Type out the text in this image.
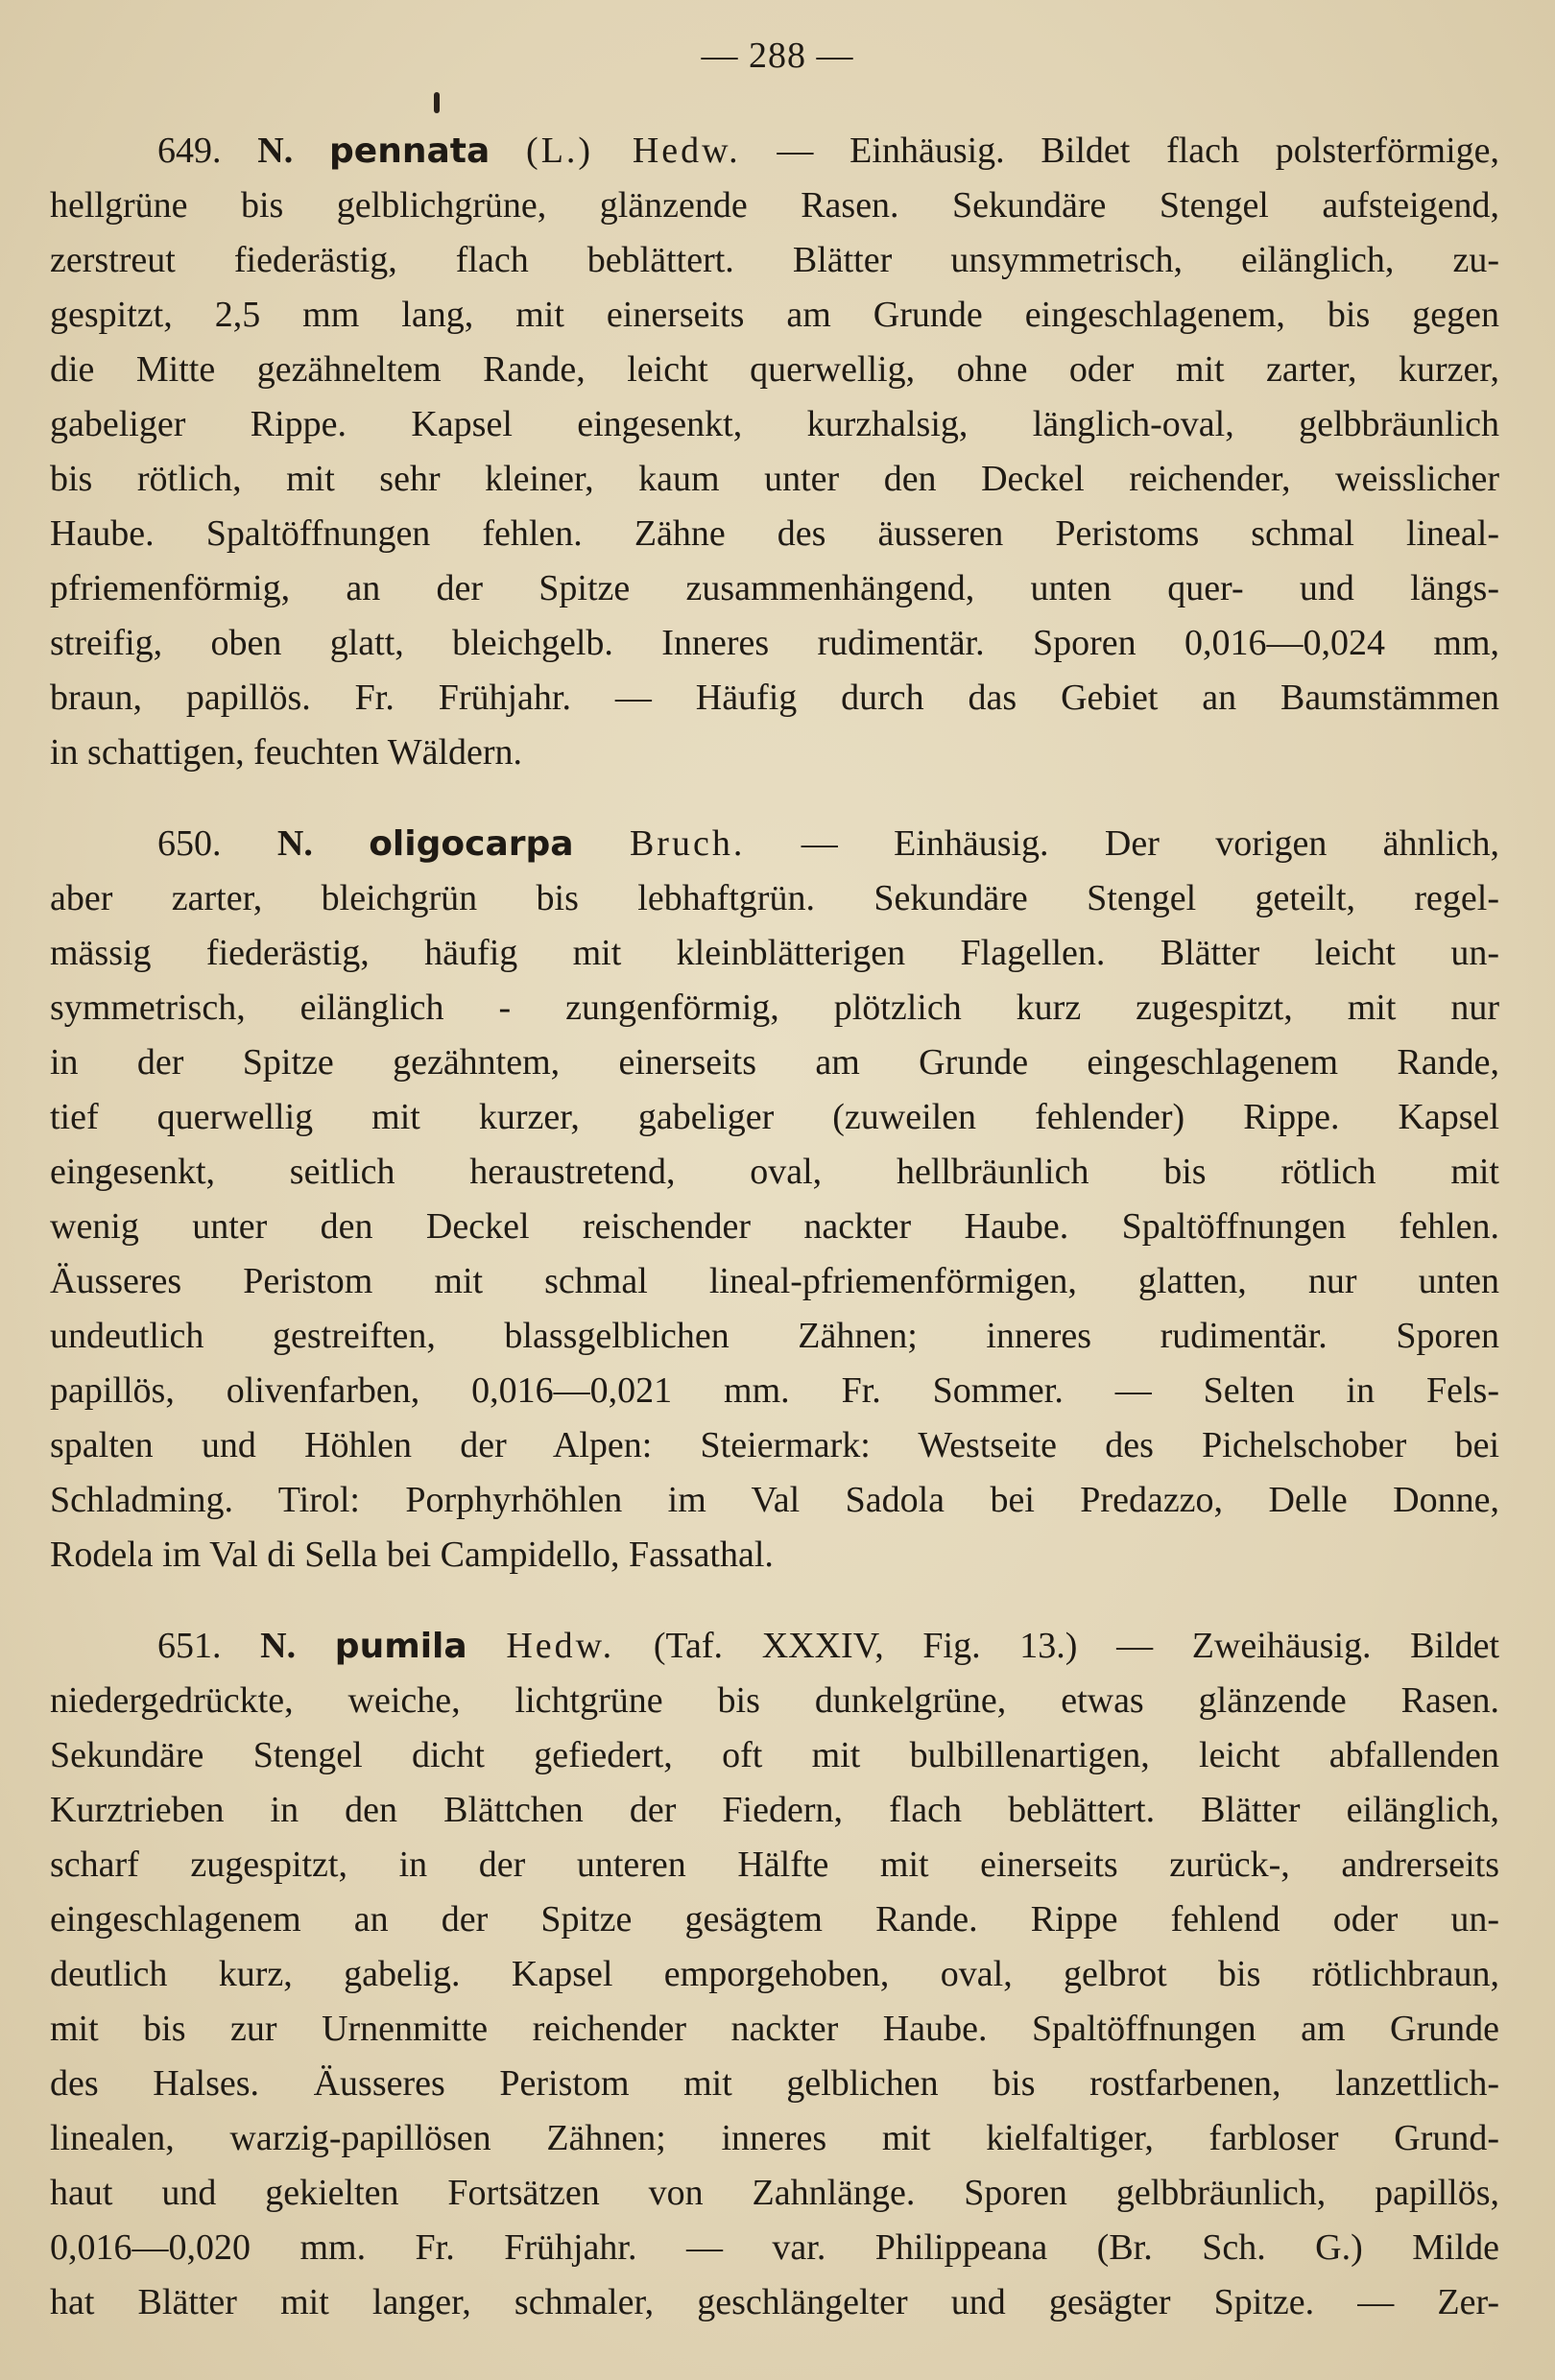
— 288 —
649. N. pennata (L.) Hedw. — Einhäusig. Bildet flach polsterförmige,
hellgrüne bis gelblichgrüne, glänzende Rasen. Sekundäre Stengel aufsteigend,
zerstreut fiederästig, flach beblättert. Blätter unsymmetrisch, eilänglich, zu-
gespitzt, 2,5 mm lang, mit einerseits am Grunde eingeschlagenem, bis gegen
die Mitte gezähneltem Rande, leicht querwellig, ohne oder mit zarter, kurzer,
gabeliger Rippe. Kapsel eingesenkt, kurzhalsig, länglich-oval, gelbbräunlich
bis rötlich, mit sehr kleiner, kaum unter den Deckel reichender, weisslicher
Haube. Spaltöffnungen fehlen. Zähne des äusseren Peristoms schmal lineal-
pfriemenförmig, an der Spitze zusammenhängend, unten quer- und längs-
streifig, oben glatt, bleichgelb. Inneres rudimentär. Sporen 0,016—0,024 mm,
braun, papillös. Fr. Frühjahr. — Häufig durch das Gebiet an Baumstämmen
in schattigen, feuchten Wäldern.
650. N. oligocarpa Bruch. — Einhäusig. Der vorigen ähnlich,
aber zarter, bleichgrün bis lebhaftgrün. Sekundäre Stengel geteilt, regel-
mässig fiederästig, häufig mit kleinblätterigen Flagellen. Blätter leicht un-
symmetrisch, eilänglich - zungenförmig, plötzlich kurz zugespitzt, mit nur
in der Spitze gezähntem, einerseits am Grunde eingeschlagenem Rande,
tief querwellig mit kurzer, gabeliger (zuweilen fehlender) Rippe. Kapsel
eingesenkt, seitlich heraustretend, oval, hellbräunlich bis rötlich mit
wenig unter den Deckel reischender nackter Haube. Spaltöffnungen fehlen.
Äusseres Peristom mit schmal lineal-pfriemenförmigen, glatten, nur unten
undeutlich gestreiften, blassgelblichen Zähnen; inneres rudimentär. Sporen
papillös, olivenfarben, 0,016—0,021 mm. Fr. Sommer. — Selten in Fels-
spalten und Höhlen der Alpen: Steiermark: Westseite des Pichelschober bei
Schladming. Tirol: Porphyrhöhlen im Val Sadola bei Predazzo, Delle Donne,
Rodela im Val di Sella bei Campidello, Fassathal.
651. N. pumila Hedw. (Taf. XXXIV, Fig. 13.) — Zweihäusig. Bildet
niedergedrückte, weiche, lichtgrüne bis dunkelgrüne, etwas glänzende Rasen.
Sekundäre Stengel dicht gefiedert, oft mit bulbillenartigen, leicht abfallenden
Kurztrieben in den Blättchen der Fiedern, flach beblättert. Blätter eilänglich,
scharf zugespitzt, in der unteren Hälfte mit einerseits zurück-, andrerseits
eingeschlagenem an der Spitze gesägtem Rande. Rippe fehlend oder un-
deutlich kurz, gabelig. Kapsel emporgehoben, oval, gelbrot bis rötlichbraun,
mit bis zur Urnenmitte reichender nackter Haube. Spaltöffnungen am Grunde
des Halses. Äusseres Peristom mit gelblichen bis rostfarbenen, lanzettlich-
linealen, warzig-papillösen Zähnen; inneres mit kielfaltiger, farbloser Grund-
haut und gekielten Fortsätzen von Zahnlänge. Sporen gelbbräunlich, papillös,
0,016—0,020 mm. Fr. Frühjahr. — var. Philippeana (Br. Sch. G.) Milde
hat Blätter mit langer, schmaler, geschlängelter und gesägter Spitze. — Zer-
